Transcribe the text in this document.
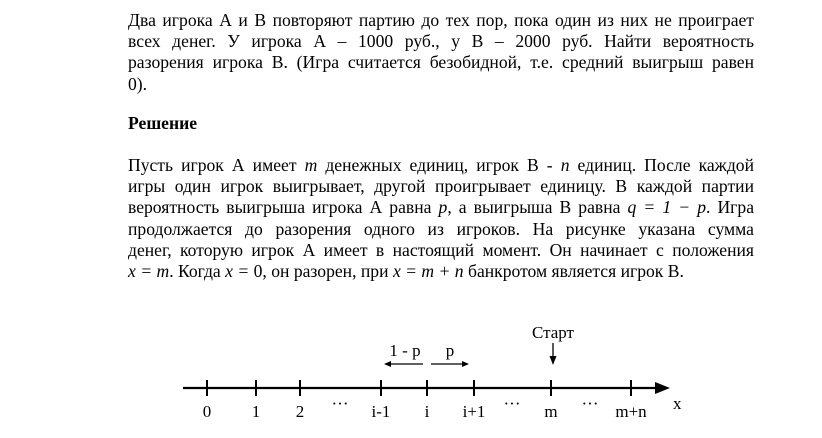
Два игрока А и В повторяют партию до тех пор, пока один из них не проиграет
всех денег. У игрока А – 1000 руб., у В – 2000 руб. Найти вероятность
разорения игрока В. (Игра считается безобидной, т.е. средний выигрыш равен
0).
Решение
Пусть игрок А имеет m денежных единиц, игрок В - n единиц. После каждой
игры один игрок выигрывает, другой проигрывает единицу. В каждой партии
вероятность выигрыша игрока А равна p, а выигрыша В равна q = 1 − p. Игра
продолжается до разорения одного из игроков. На рисунке указана сумма
денег, которую игрок А имеет в настоящий момент. Он начинает с положения
x = m. Когда x = 0, он разорен, при x = m + n банкротом является игрок В.
Старт
1 - p p
x
0 1 2 ··· i-1 i i+1 ··· m ··· m+n
